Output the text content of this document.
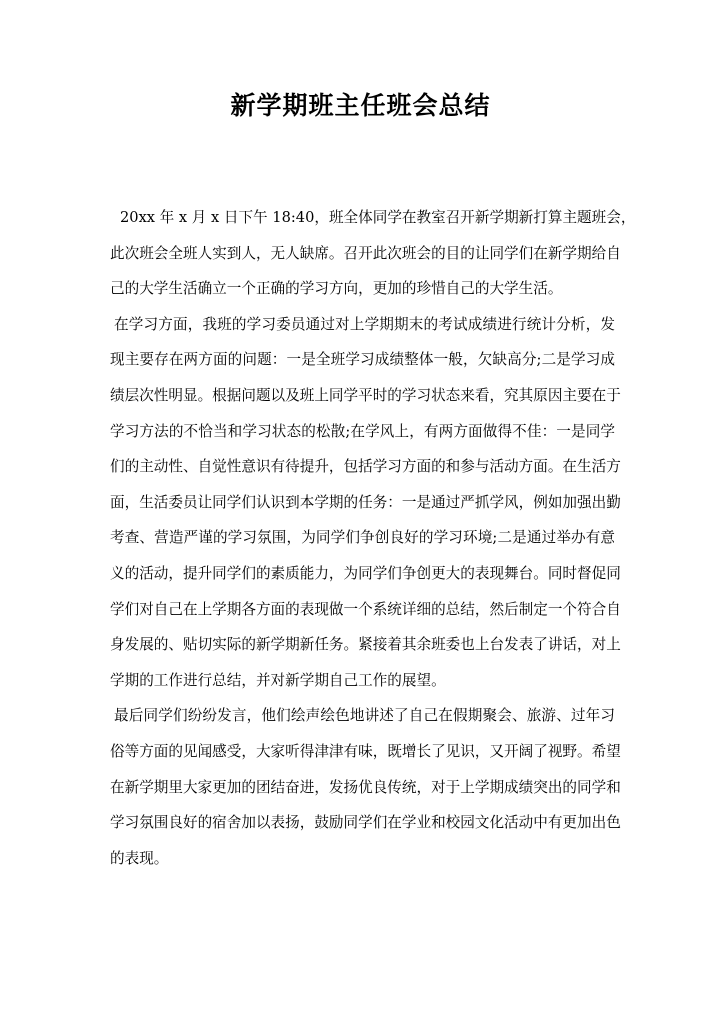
新学期班主任班会总结
20xx 年 x 月 x 日下午 18:40，班全体同学在教室召开新学期新打算主题班会，
此次班会全班人实到人，无人缺席。召开此次班会的目的让同学们在新学期给自
己的大学生活确立一个正确的学习方向，更加的珍惜自己的大学生活。
在学习方面，我班的学习委员通过对上学期期末的考试成绩进行统计分析，发
现主要存在两方面的问题：一是全班学习成绩整体一般，欠缺高分;二是学习成
绩层次性明显。根据问题以及班上同学平时的学习状态来看，究其原因主要在于
学习方法的不恰当和学习状态的松散;在学风上，有两方面做得不佳：一是同学
们的主动性、自觉性意识有待提升，包括学习方面的和参与活动方面。在生活方
面，生活委员让同学们认识到本学期的任务：一是通过严抓学风，例如加强出勤
考查、营造严谨的学习氛围，为同学们争创良好的学习环境;二是通过举办有意
义的活动，提升同学们的素质能力，为同学们争创更大的表现舞台。同时督促同
学们对自己在上学期各方面的表现做一个系统详细的总结，然后制定一个符合自
身发展的、贴切实际的新学期新任务。紧接着其余班委也上台发表了讲话，对上
学期的工作进行总结，并对新学期自己工作的展望。
最后同学们纷纷发言，他们绘声绘色地讲述了自己在假期聚会、旅游、过年习
俗等方面的见闻感受，大家听得津津有味，既增长了见识，又开阔了视野。希望
在新学期里大家更加的团结奋进，发扬优良传统，对于上学期成绩突出的同学和
学习氛围良好的宿舍加以表扬，鼓励同学们在学业和校园文化活动中有更加出色
的表现。
